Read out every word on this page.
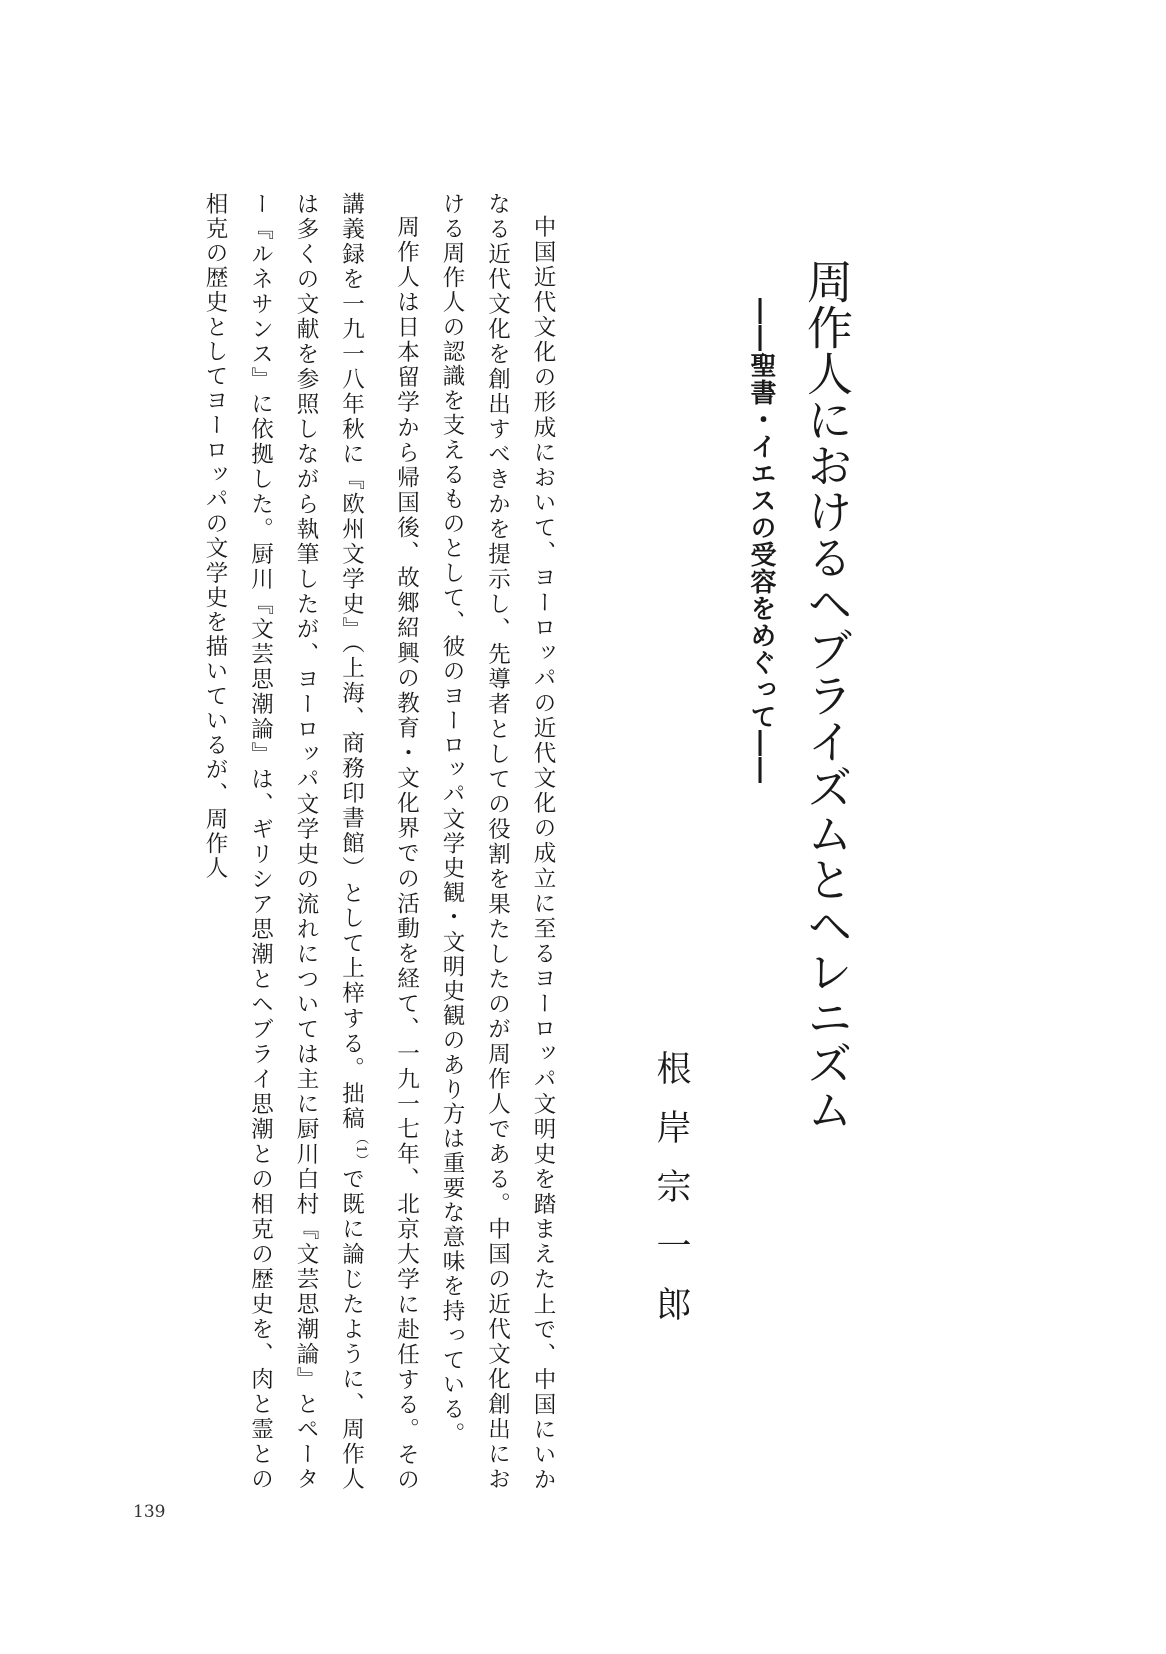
周作人におけるヘブライズムとヘレニズム
――聖書・イエスの受容をめぐって――
根岸宗一郎

中国近代文化の形成において、ヨーロッパの近代文化の成立に至るヨーロッパ文明史を踏まえた上で、中国にいかなる近代文化を創出すべきかを提示し、先導者としての役割を果たしたのが周作人である。中国の近代文化創出における周作人の認識を支えるものとして、彼のヨーロッパ文学史観・文明史観のあり方は重要な意味を持っている。

周作人は日本留学から帰国後、故郷紹興の教育・文化界での活動を経て、一九一七年、北京大学に赴任する。その講義録を一九一八年秋に『欧州文学史』（上海、商務印書館）として上梓する。拙稿$^{(1)}$で既に論じたように、周作人は多くの文献を参照しながら執筆したが、ヨーロッパ文学史の流れについては主に厨川白村『文芸思潮論』とペーター『ルネサンス』に依拠した。厨川『文芸思潮論』は、ギリシア思潮とヘブライ思潮との相克の歴史を、肉と霊との相克の歴史としてヨーロッパの文学史を描いているが、周作人

139
